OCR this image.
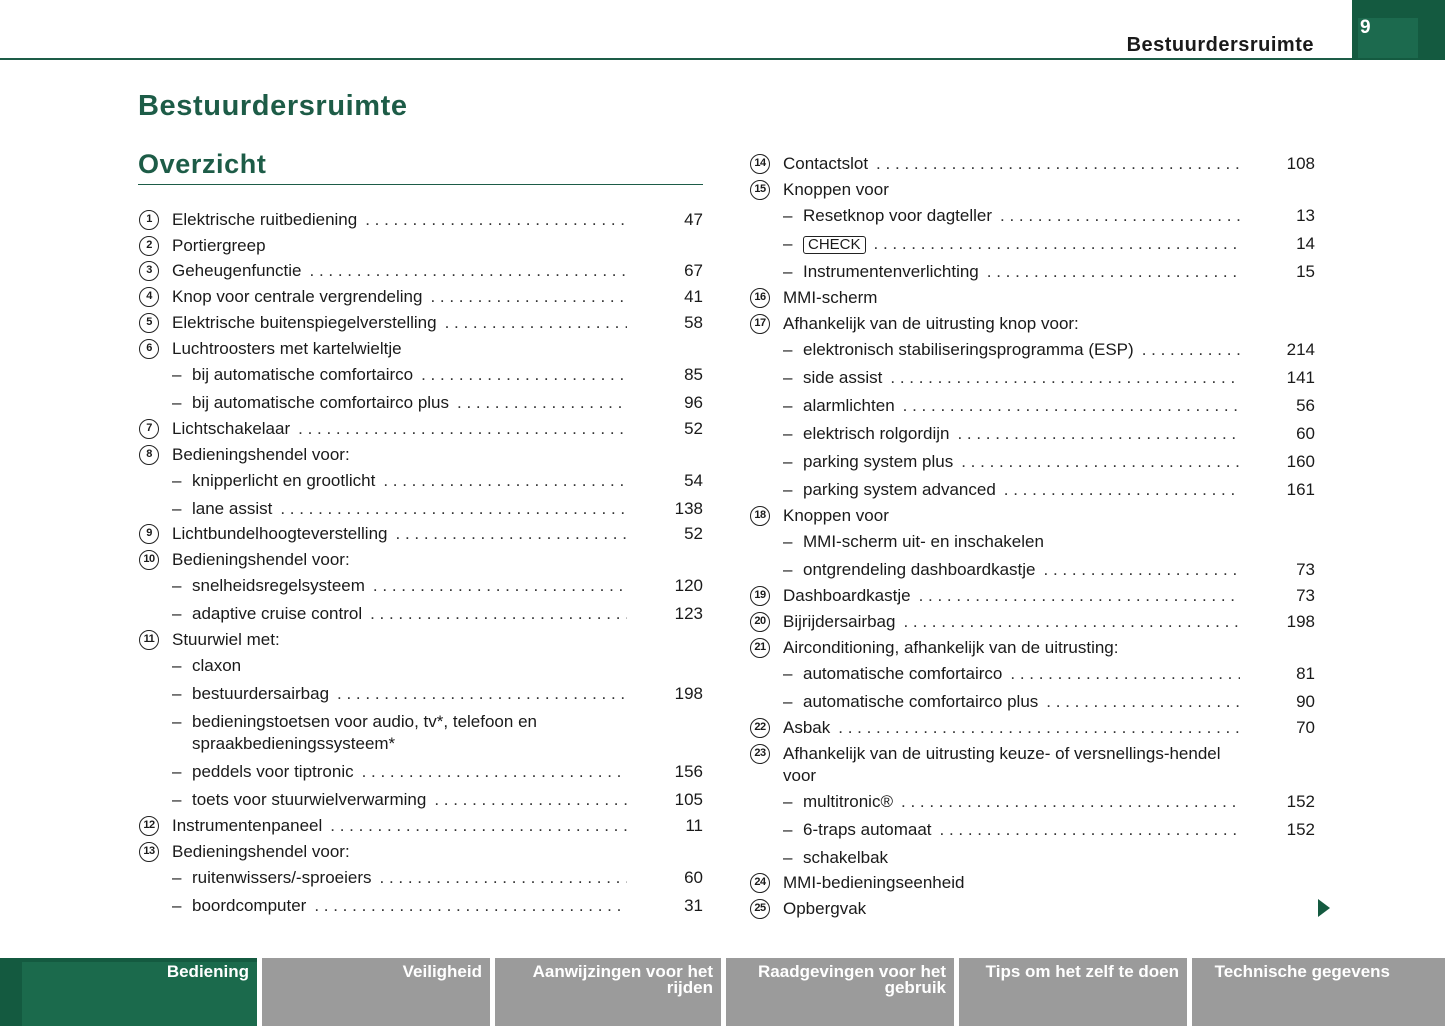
Bestuurdersruimte
9
Bestuurdersruimte
Overzicht
1	Elektrische ruitbediening . . .	47
2	Portiergreep
3	Geheugenfunctie . . .	67
4	Knop voor centrale vergrendeling . . .	41
5	Elektrische buitenspiegelverstelling . . .	58
6	Luchtroosters met kartelwieltje
– bij automatische comfortairco . . .	85
– bij automatische comfortairco plus . . .	96
7	Lichtschakelaar . . .	52
8	Bedieningshendel voor:
– knipperlicht en grootlicht . . .	54
– lane assist . . .	138
9	Lichtbundelhoogteverstelling . . .	52
10 Bedieningshendel voor:
– snelheidsregelsysteem . . .	120
– adaptive cruise control . . .	123
11 Stuurwiel met:
– claxon
– bestuurdersairbag . . .	198
– bedieningstoetsen voor audio, tv*, telefoon en spraakbedieningssysteem*
– peddels voor tiptronic . . .	156
– toets voor stuurwielverwarming . . .	105
12 Instrumentenpaneel . . .	11
13 Bedieningshendel voor:
– ruitenwissers/-sproeiers . . .	60
– boordcomputer . . .	31
14 Contactslot . . .	108
15 Knoppen voor
– Resetknop voor dagteller . . .	13
–	CHECK . . .	14
– Instrumentenverlichting . . .	15
16 MMI-scherm
17 Afhankelijk van de uitrusting knop voor:
– elektronisch stabiliseringsprogramma (ESP) . . .	214
– side assist . . .	141
– alarmlichten . . .	56
– elektrisch rolgordijn . . .	60
– parking system plus . . .	160
– parking system advanced . . .	161
18 Knoppen voor
– MMI-scherm uit- en inschakelen
– ontgrendeling dashboardkastje . . .	73
19 Dashboardkastje . . .	73
20 Bijrijdersairbag . . .	198
21 Airconditioning, afhankelijk van de uitrusting:
– automatische comfortairco . . .	81
– automatische comfortairco plus . . .	90
22 Asbak . . .	70
23 Afhankelijk van de uitrusting keuze- of versnellings-hendel voor
– multitronic® . . .	152
– 6-traps automaat . . .	152
– schakelbak
24 MMI-bedieningseenheid
25 Opbergvak
Bediening	Veiligheid	Aanwijzingen voor het rijden
Raadgevingen voor het gebruik
Tips om het zelf te doen	Technische gegevens
